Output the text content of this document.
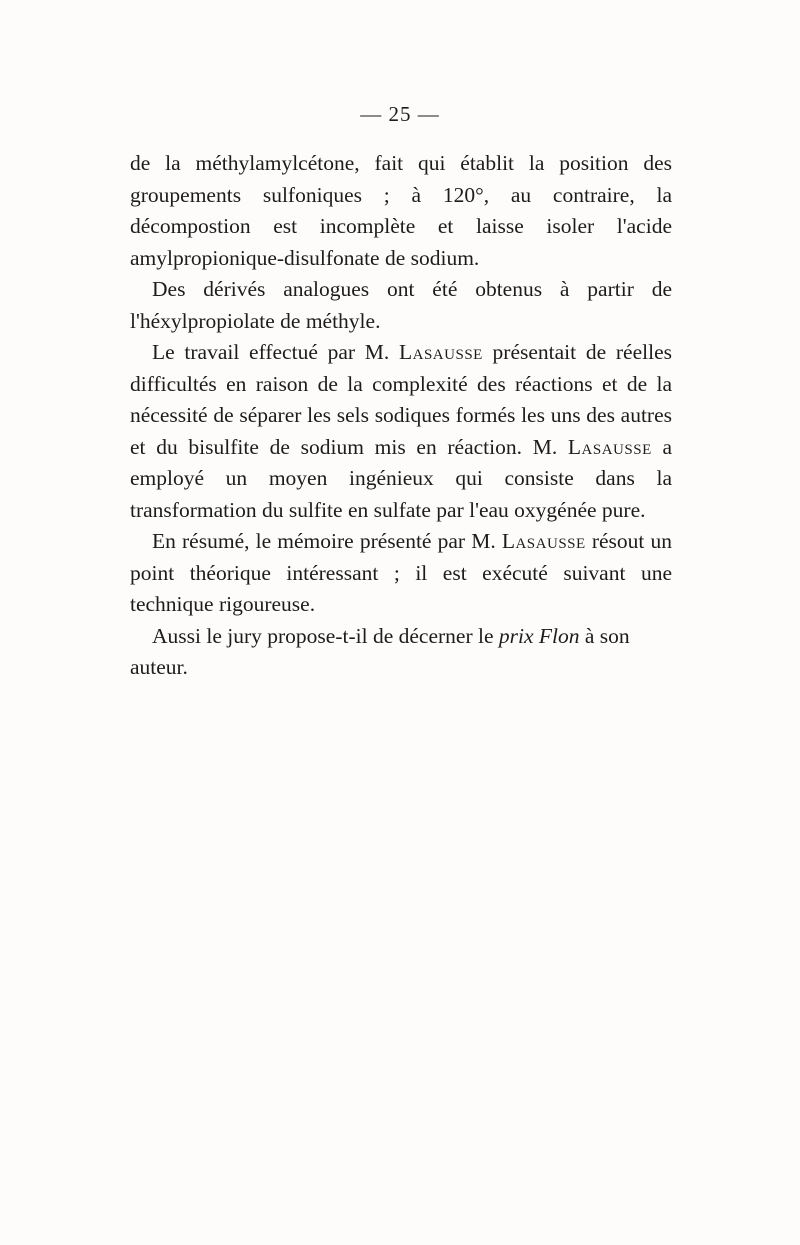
— 25 —

de la méthylamylcétone, fait qui établit la position des groupements sulfoniques ; à 120°, au contraire, la décompostion est incomplète et laisse isoler l'acide amylpropionique-disulfonate de sodium.

Des dérivés analogues ont été obtenus à partir de l'héxylpropiolate de méthyle.

Le travail effectué par M. Lasausse présentait de réelles difficultés en raison de la complexité des réactions et de la nécessité de séparer les sels sodiques formés les uns des autres et du bisulfite de sodium mis en réaction. M. Lasausse a employé un moyen ingénieux qui consiste dans la transformation du sulfite en sulfate par l'eau oxygénée pure.

En résumé, le mémoire présenté par M. Lasausse résout un point théorique intéressant ; il est exécuté suivant une technique rigoureuse.

Aussi le jury propose-t-il de décerner le prix Flon à son auteur.
